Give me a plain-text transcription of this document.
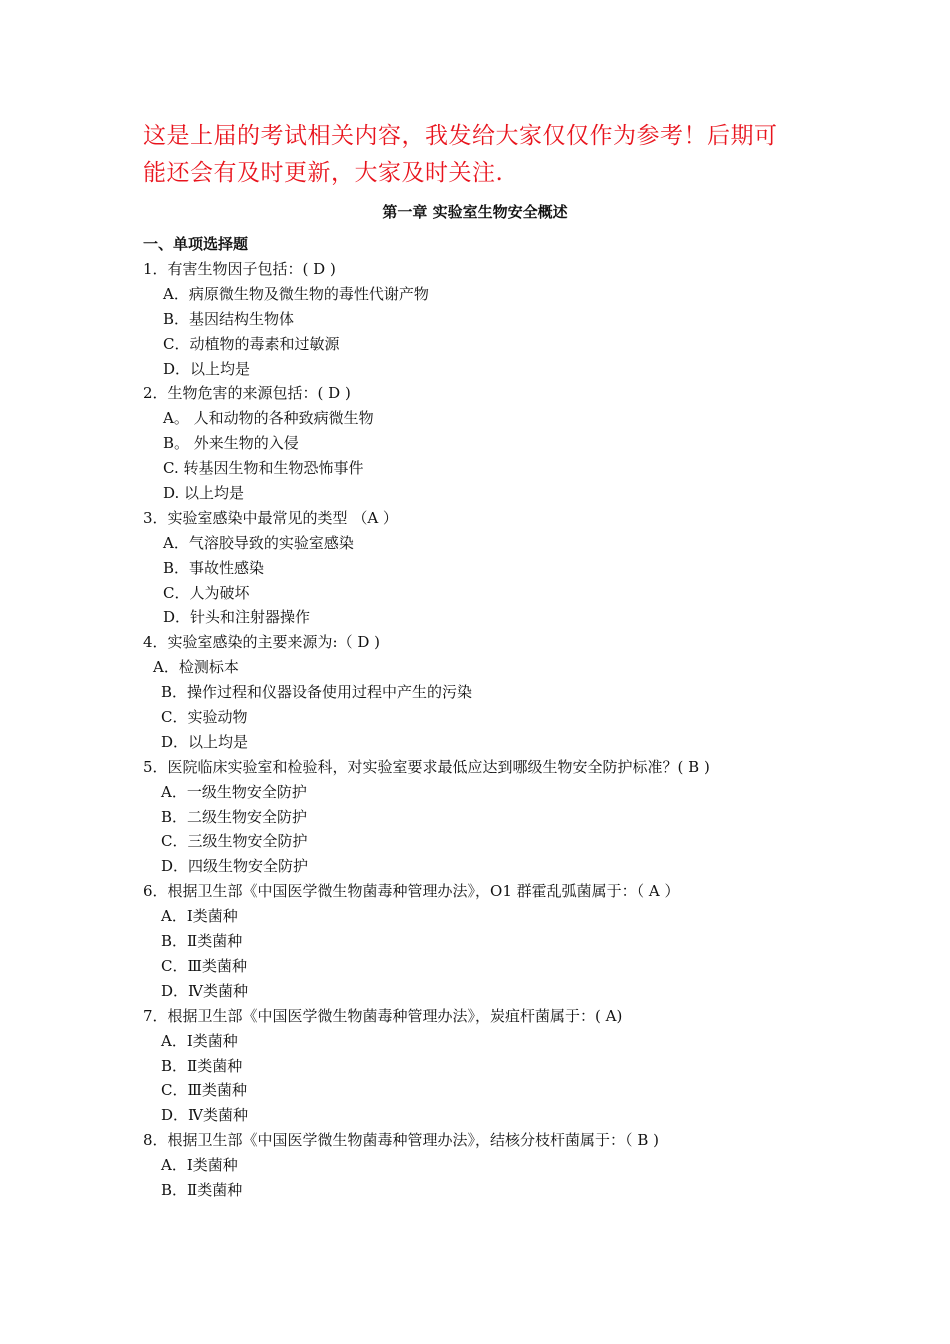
这是上届的考试相关内容，我发给大家仅仅作为参考！后期可
能还会有及时更新，大家及时关注.
第一章 实验室生物安全概述
一、单项选择题
1．有害生物因子包括：( D )
A．病原微生物及微生物的毒性代谢产物
B．基因结构生物体
C．动植物的毒素和过敏源
D．以上均是
2．生物危害的来源包括：( D )
A。 人和动物的各种致病微生物
B。 外来生物的入侵
C. 转基因生物和生物恐怖事件
D. 以上均是
3．实验室感染中最常见的类型 （A ）
A．气溶胶导致的实验室感染
B．事故性感染
C．人为破坏
D．针头和注射器操作
4．实验室感染的主要来源为:（ D )
A．检测标本
B．操作过程和仪器设备使用过程中产生的污染
C．实验动物
D．以上均是
5．医院临床实验室和检验科，对实验室要求最低应达到哪级生物安全防护标准？( B )
A．一级生物安全防护
B．二级生物安全防护
C．三级生物安全防护
D．四级生物安全防护
6．根据卫生部《中国医学微生物菌毒种管理办法》，O1 群霍乱弧菌属于：（ A ）
A．Ⅰ类菌种
B．Ⅱ类菌种
C．Ⅲ类菌种
D．Ⅳ类菌种
7．根据卫生部《中国医学微生物菌毒种管理办法》，炭疽杆菌属于：( A)
A．Ⅰ类菌种
B．Ⅱ类菌种
C．Ⅲ类菌种
D．Ⅳ类菌种
8．根据卫生部《中国医学微生物菌毒种管理办法》，结核分枝杆菌属于：（ B )
A．Ⅰ类菌种
B．Ⅱ类菌种
